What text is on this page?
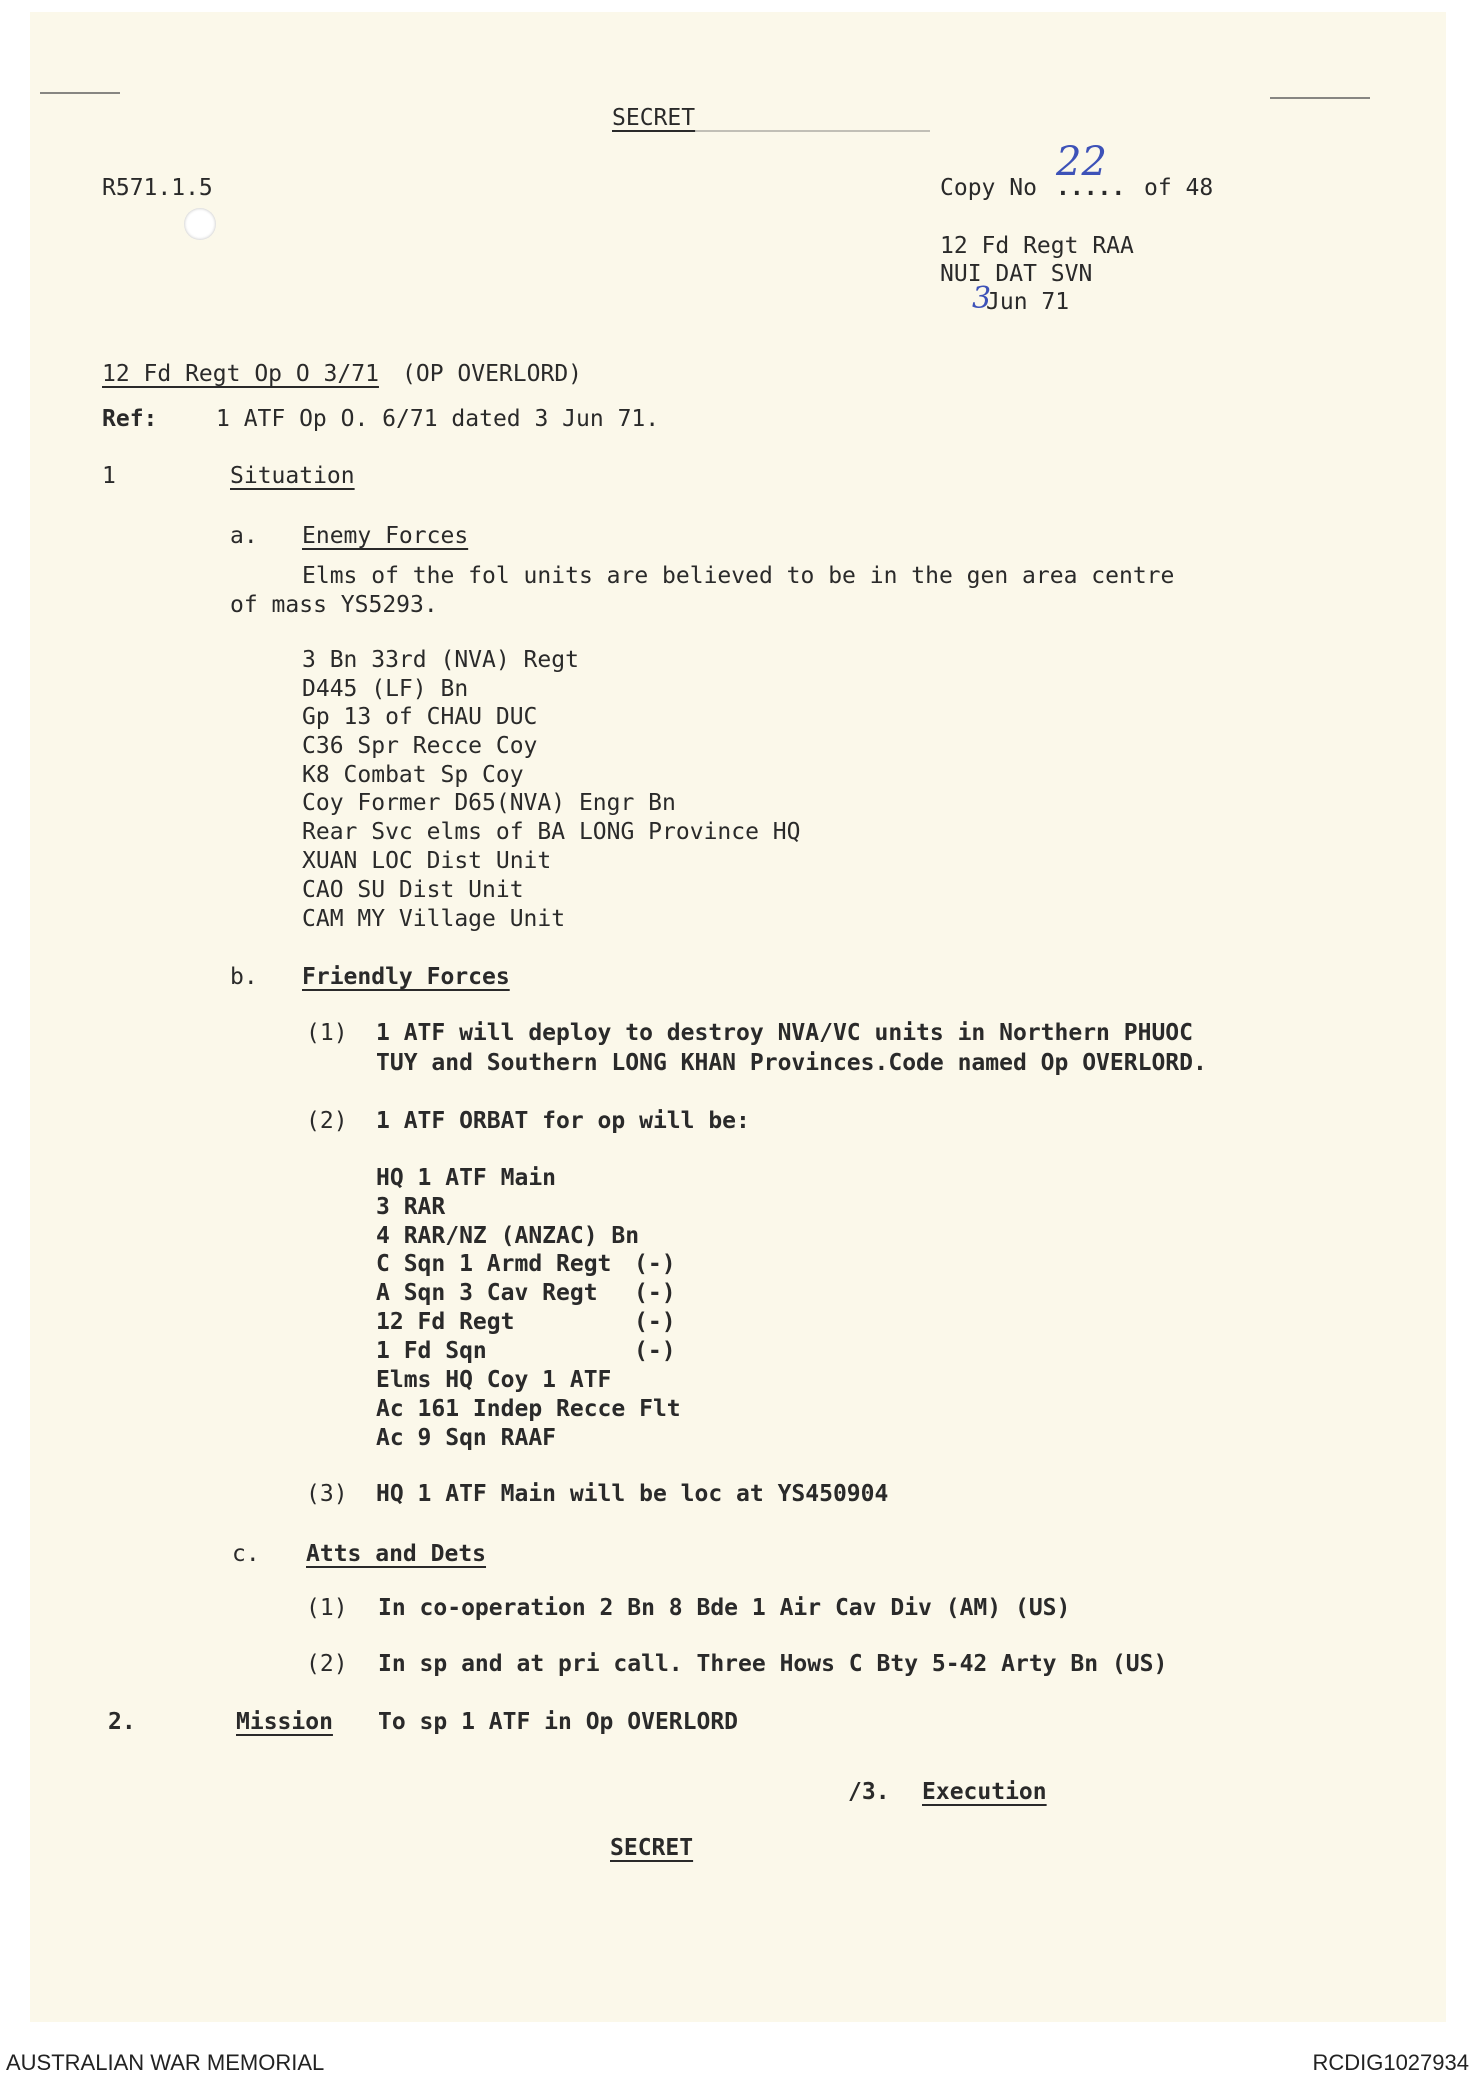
SECRET
R571.1.5	Copy No .....
22
of 48
12 Fd Regt RAA
NUI DAT SVN
3
Jun 71
12 Fd Regt Op O 3/71 (OP OVERLORD)
Ref:	1 ATF Op O. 6/71 dated 3 Jun 71.
1	Situation
a. Enemy Forces
Elms of the fol units are believed to be in the gen area centre
of mass YS5293.
3 Bn 33rd (NVA) Regt
D445 (LF) Bn
Gp 13 of CHAU DUC
C36 Spr Recce Coy
K8 Combat Sp Coy
Coy Former D65(NVA) Engr Bn
Rear Svc elms of BA LONG Province HQ
XUAN LOC Dist Unit
CAO SU Dist Unit
CAM MY Village Unit
b. Friendly Forces
(1) 1 ATF will deploy to destroy NVA/VC units in Northern PHUOC
TUY and Southern LONG KHAN Provinces.Code named Op OVERLORD.
(2) 1 ATF ORBAT for op will be:
HQ 1 ATF Main
3 RAR
4 RAR/NZ (ANZAC) Bn
C Sqn 1 Armd Regt (-)
A Sqn 3 Cav Regt (-)
12 Fd Regt	(-)
1 Fd Sqn	(-)
Elms HQ Coy 1 ATF
Ac 161 Indep Recce Flt
Ac 9 Sqn RAAF
(3) HQ 1 ATF Main will be loc at YS450904
c. Atts and Dets
(1) In co-operation 2 Bn 8 Bde 1 Air Cav Div (AM) (US)
(2) In sp and at pri call. Three Hows C Bty 5-42 Arty Bn (US)
2.	Mission To sp 1 ATF in Op OVERLORD
/3. Execution
SECRET
AUSTRALIAN WAR MEMORIAL	RCDIG1027934
